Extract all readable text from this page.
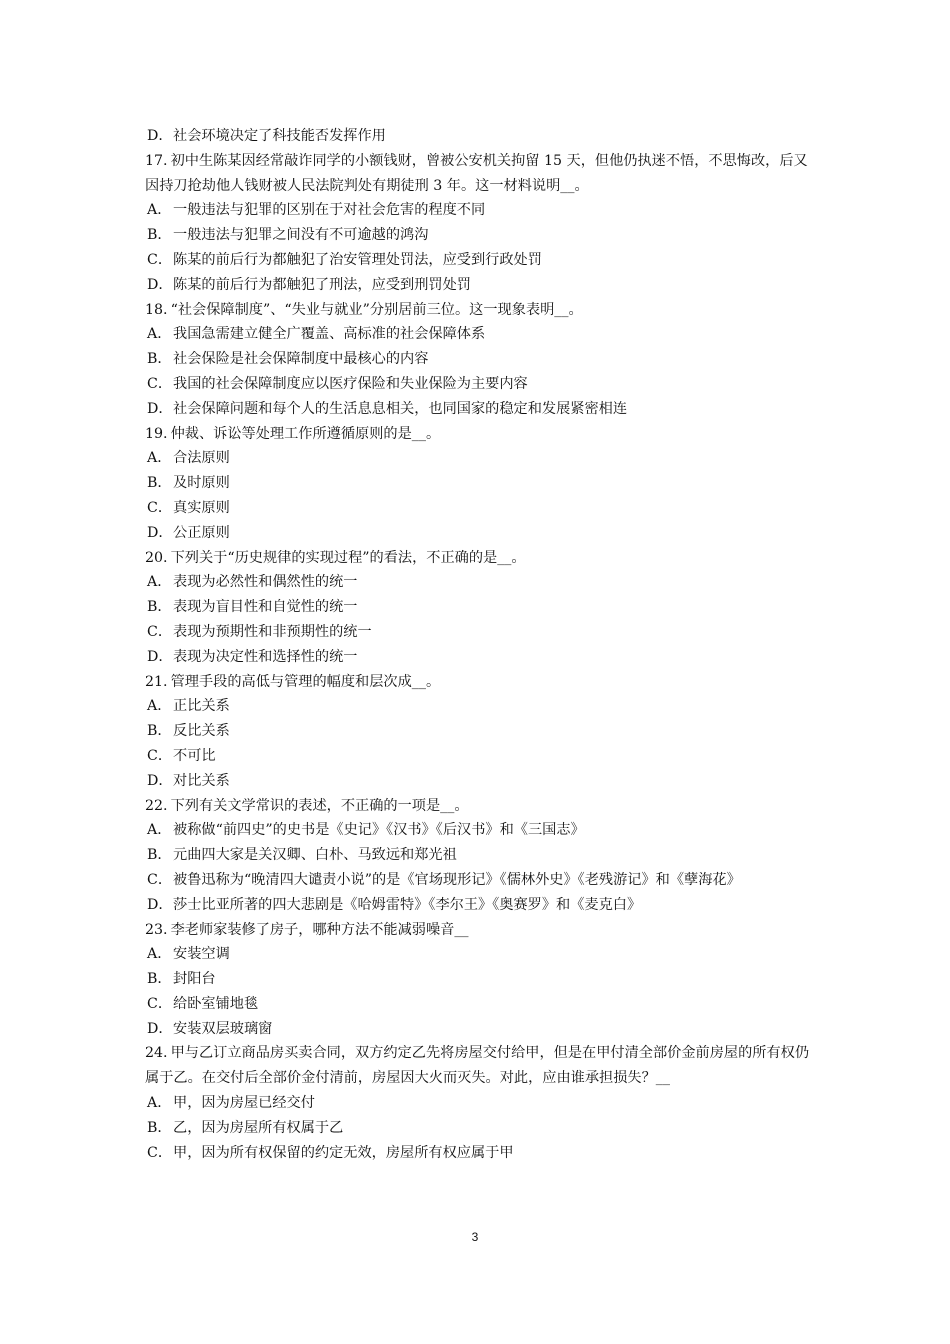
D．社会环境决定了科技能否发挥作用
17. 初中生陈某因经常敲诈同学的小额钱财，曾被公安机关拘留 15 天，但他仍执迷不悟，不思悔改，后又因持刀抢劫他人钱财被人民法院判处有期徒刑 3 年。这一材料说明__。
A． 一般违法与犯罪的区别在于对社会危害的程度不同
B．一般违法与犯罪之间没有不可逾越的鸿沟
C．陈某的前后行为都触犯了治安管理处罚法，应受到行政处罚
D．陈某的前后行为都触犯了刑法，应受到刑罚处罚
18. “社会保障制度”、“失业与就业”分别居前三位。这一现象表明__。
A． 我国急需建立健全广覆盖、高标准的社会保障体系
B．社会保险是社会保障制度中最核心的内容
C．我国的社会保障制度应以医疗保险和失业保险为主要内容
D．社会保障问题和每个人的生活息息相关，也同国家的稳定和发展紧密相连
19. 仲裁、诉讼等处理工作所遵循原则的是__。
A． 合法原则
B．及时原则
C．真实原则
D．公正原则
20. 下列关于“历史规律的实现过程”的看法，不正确的是__。
A． 表现为必然性和偶然性的统一
B．表现为盲目性和自觉性的统一
C．表现为预期性和非预期性的统一
D．表现为决定性和选择性的统一
21. 管理手段的高低与管理的幅度和层次成__。
A． 正比关系
B．反比关系
C．不可比
D．对比关系
22. 下列有关文学常识的表述，不正确的一项是__。
A． 被称做“前四史”的史书是《史记》《汉书》《后汉书》和《三国志》
B．元曲四大家是关汉卿、白朴、马致远和郑光祖
C．被鲁迅称为“晚清四大谴责小说”的是《官场现形记》《儒林外史》《老残游记》和《孽海花》
D．莎士比亚所著的四大悲剧是《哈姆雷特》《李尔王》《奥赛罗》和《麦克白》
23. 李老师家装修了房子，哪种方法不能减弱噪音__
A． 安装空调
B．封阳台
C．给卧室铺地毯
D．安装双层玻璃窗
24. 甲与乙订立商品房买卖合同，双方约定乙先将房屋交付给甲，但是在甲付清全部价金前房屋的所有权仍属于乙。在交付后全部价金付清前，房屋因大火而灭失。对此，应由谁承担损失？__
A． 甲，因为房屋已经交付
B．乙，因为房屋所有权属于乙
C．甲，因为所有权保留的约定无效，房屋所有权应属于甲
3
